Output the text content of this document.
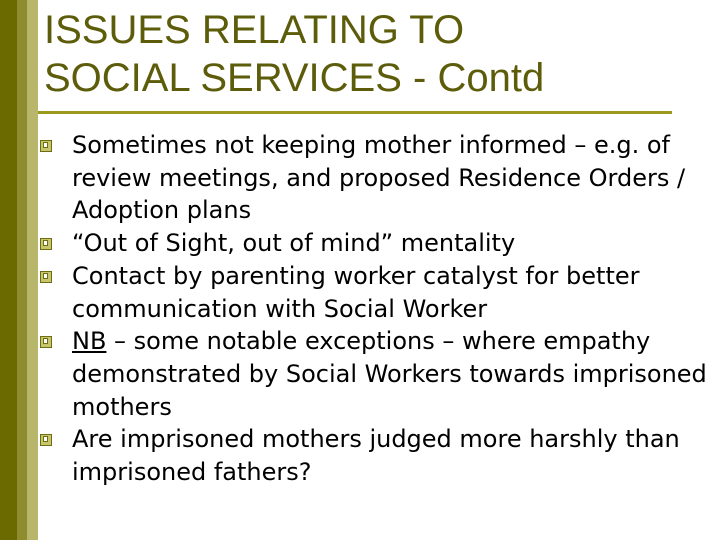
ISSUES RELATING TO
SOCIAL SERVICES - Contd
Sometimes not keeping mother informed – e.g. of review meetings, and proposed Residence Orders / Adoption plans
“Out of Sight, out of mind” mentality
Contact by parenting worker catalyst for better communication with Social Worker
NB – some notable exceptions – where empathy demonstrated by Social Workers towards imprisoned mothers
Are imprisoned mothers judged more harshly than imprisoned fathers?
